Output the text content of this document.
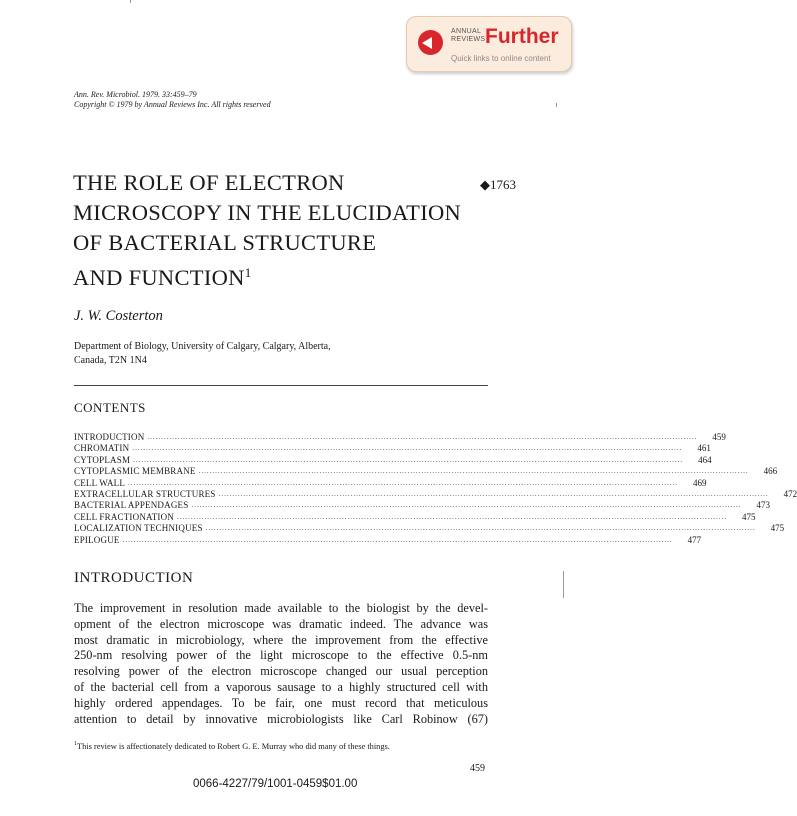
ANNUAL
REVIEWS Further
Quick links to online content
Ann. Rev. Microbiol. 1979. 33:459–79
Copyright © 1979 by Annual Reviews Inc. All rights reserved
THE ROLE OF ELECTRON
MICROSCOPY IN THE ELUCIDATION
OF BACTERIAL STRUCTURE
AND FUNCTION$^1$
◆1763
J. W. Costerton
Department of Biology, University of Calgary, Calgary, Alberta,
Canada, T2N 1N4
CONTENTS
INTRODUCTION ........................................................................................................................................................................................................ 459
CHROMATIN ........................................................................................................................................................................................................ 461
CYTOPLASM ........................................................................................................................................................................................................ 464
CYTOPLASMIC MEMBRANE ........................................................................................................................................................................................................ 466
CELL WALL ........................................................................................................................................................................................................ 469
EXTRACELLULAR STRUCTURES ........................................................................................................................................................................................................ 472
BACTERIAL APPENDAGES ........................................................................................................................................................................................................ 473
CELL FRACTIONATION ........................................................................................................................................................................................................ 475
LOCALIZATION TECHNIQUES ........................................................................................................................................................................................................ 475
EPILOGUE ........................................................................................................................................................................................................ 477
INTRODUCTION
The improvement in resolution made available to the biologist by the devel-
opment of the electron microscope was dramatic indeed. The advance was
most dramatic in microbiology, where the improvement from the effective
250-nm resolving power of the light microscope to the effective 0.5-nm
resolving power of the electron microscope changed our usual perception
of the bacterial cell from a vaporous sausage to a highly structured cell with
highly ordered appendages. To be fair, one must record that meticulous
attention to detail by innovative microbiologists like Carl Robinow (67)
$^1$This review is affectionately dedicated to Robert G. E. Murray who did many of these things.
459
0066-4227/79/1001-0459$01.00
